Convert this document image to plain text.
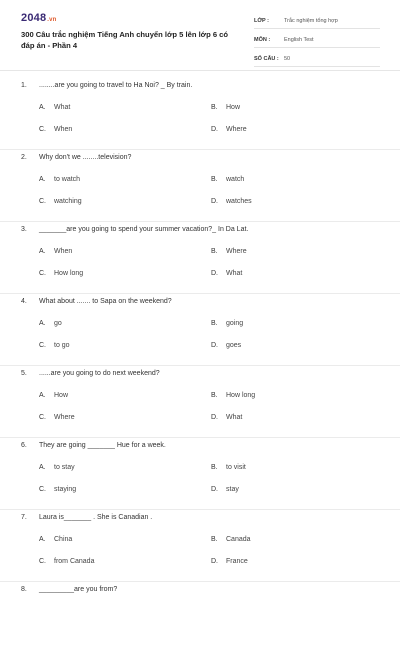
2048.vn
300 Câu trắc nghiệm Tiếng Anh chuyển lớp 5 lên lớp 6 có đáp án - Phần 4
LỚP :	Trắc nghiệm tổng hợp
MÔN :	English Test
SỐ CÂU : 50
1. ........are you going to travel to Ha Noi? _ By train.
A. What	B. How
C. When	D. Where
2. Why don't we ........television?
A. to watch	B. watch
C. watching	D. watches
3. _______are you going to spend your summer vacation?_ In Da Lat.
A. When	B. Where
C. How long	D. What
4. What about ....... to Sapa on the weekend?
A. go	B. going
C. to go	D. goes
5. ......are you going to do next weekend?
A. How	B. How long
C. Where	D. What
6. They are going _______ Hue for a week.
A. to stay	B. to visit
C. staying	D. stay
7. Laura is_______ . She is Canadian .
A. China	B. Canada
C. from Canada	D. France
8. _________are you from?
